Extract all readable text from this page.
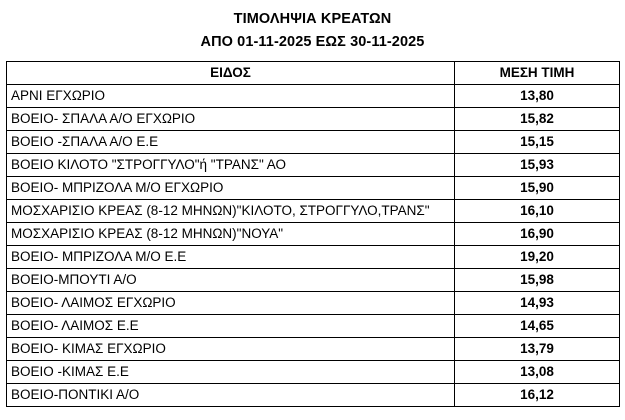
ΤΙΜΟΛΗΨΙΑ ΚΡΕΑΤΩΝ
ΑΠΟ 01-11-2025 ΕΩΣ 30-11-2025
ΕΙΔΟΣ	ΜΕΣΗ ΤΙΜΗ
ΑΡΝΙ ΕΓΧΩΡΙΟ	13,80
ΒΟΕΙΟ- ΣΠΑΛΑ Α/Ο ΕΓΧΩΡΙΟ	15,82
ΒΟΕΙΟ -ΣΠΑΛΑ Α/Ο Ε.Ε	15,15
ΒΟΕΙΟ ΚΙΛΟΤΟ "ΣΤΡΟΓΓΥΛΟ"ή "ΤΡΑΝΣ" ΑΟ	15,93
ΒΟΕΙΟ- ΜΠΡΙΖΟΛΑ Μ/Ο ΕΓΧΩΡΙΟ	15,90
ΜΟΣΧΑΡΙΣΙΟ ΚΡΕΑΣ (8-12 ΜΗΝΩΝ)"ΚΙΛΟΤΟ, ΣΤΡΟΓΓΥΛΟ,ΤΡΑΝΣ"	16,10
ΜΟΣΧΑΡΙΣΙΟ ΚΡΕΑΣ (8-12 ΜΗΝΩΝ)"ΝΟΥΑ"	16,90
ΒΟΕΙΟ- ΜΠΡΙΖΟΛΑ Μ/Ο Ε.Ε	19,20
ΒΟΕΙΟ-ΜΠΟΥΤΙ Α/Ο	15,98
ΒΟΕΙΟ- ΛΑΙΜΟΣ ΕΓΧΩΡΙΟ	14,93
ΒΟΕΙΟ- ΛΑΙΜΟΣ Ε.Ε	14,65
ΒΟΕΙΟ- ΚΙΜΑΣ ΕΓΧΩΡΙΟ	13,79
ΒΟΕΙΟ -ΚΙΜΑΣ Ε.Ε	13,08
ΒΟΕΙΟ-ΠΟΝΤΙΚΙ Α/Ο	16,12
